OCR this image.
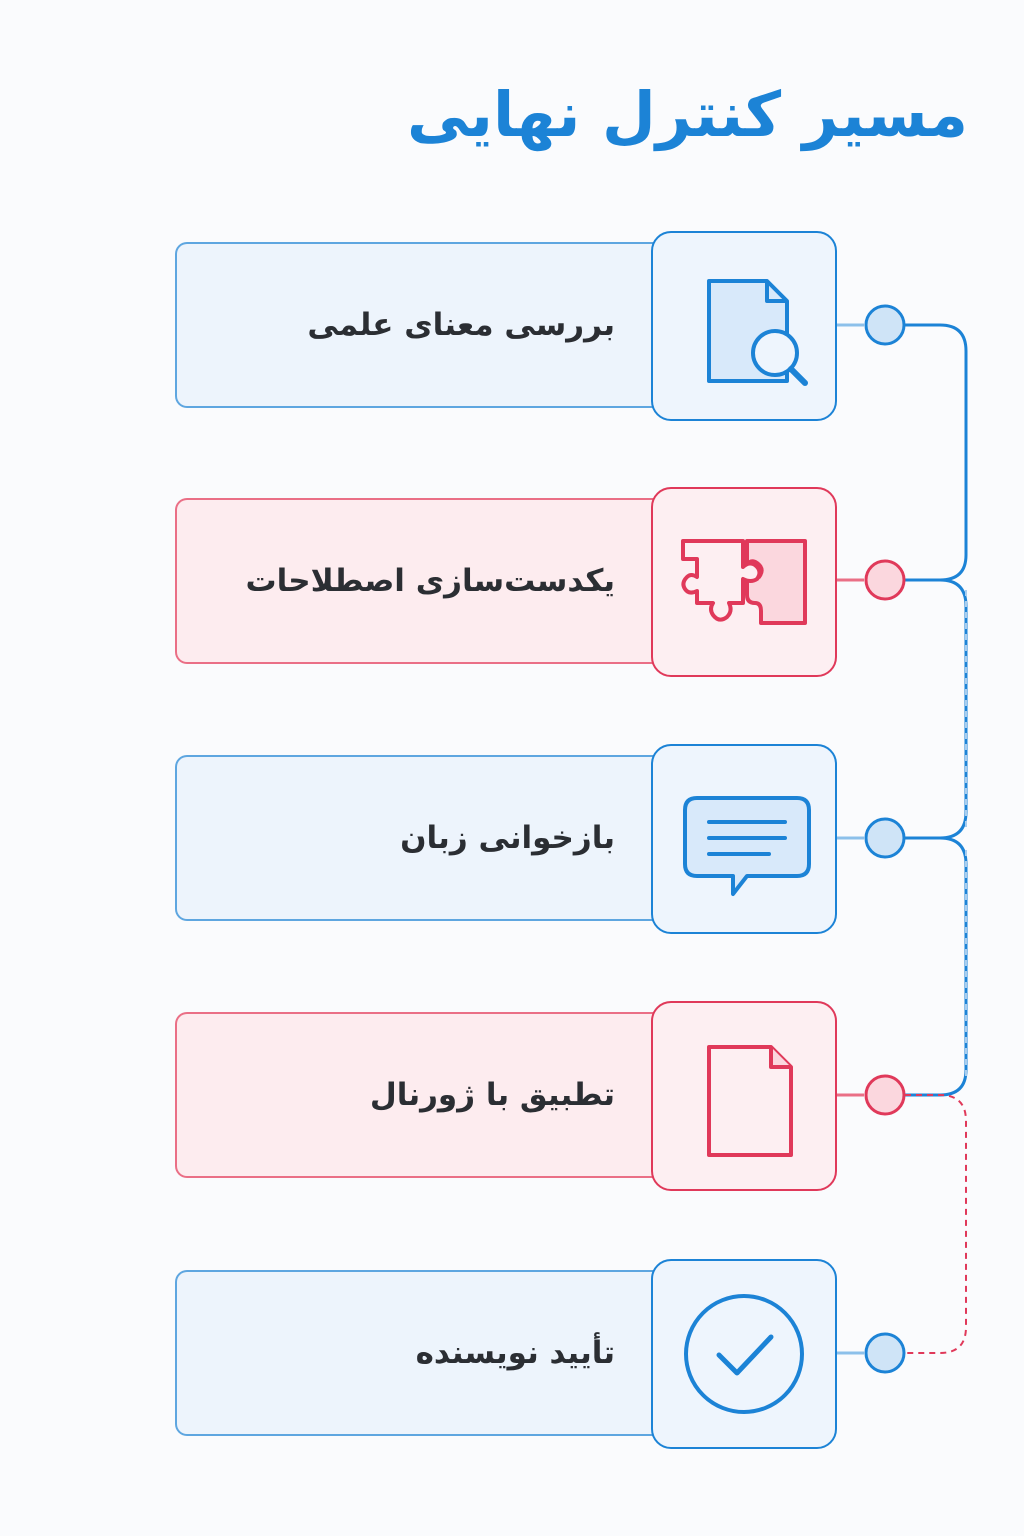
مسیر کنترل نهایی
بررسی معنای علمی
یکدست‌سازی اصطلاحات
بازخوانی زبان
تطبیق با ژورنال
تأیید نویسنده
